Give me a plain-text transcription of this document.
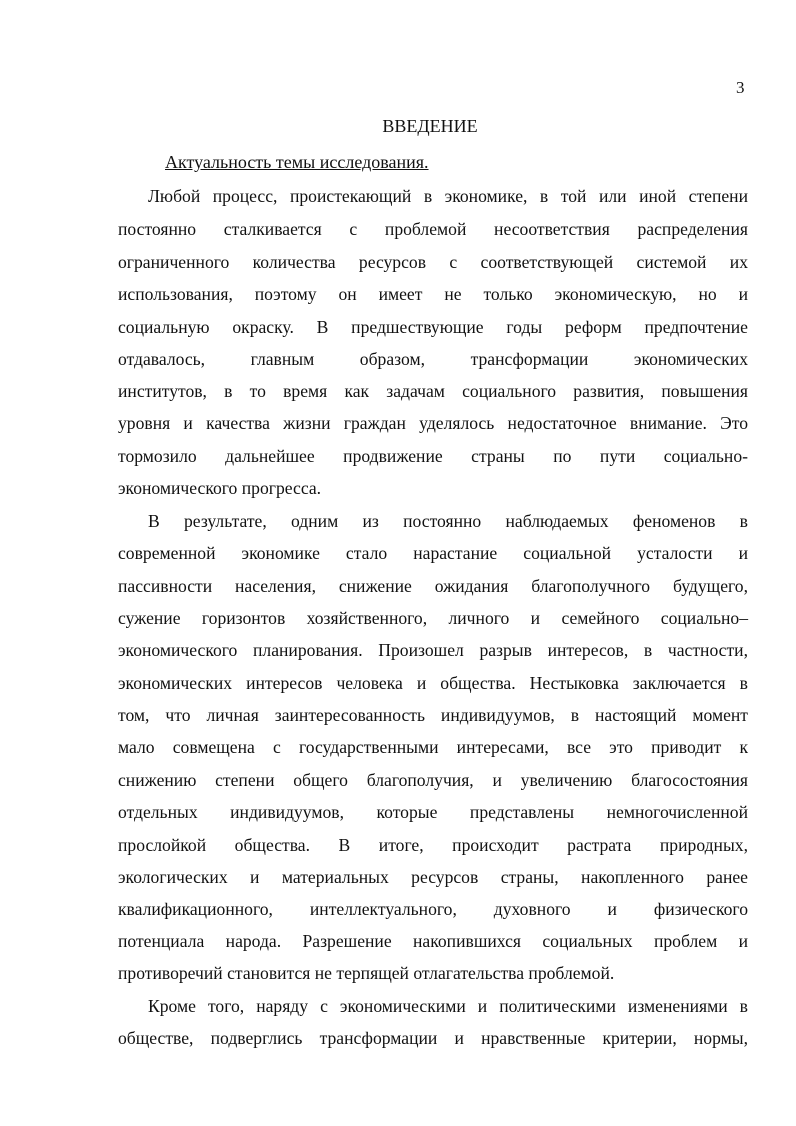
3
ВВЕДЕНИЕ
Актуальность темы исследования.
Любой процесс, проистекающий в экономике, в той или иной степени
постоянно сталкивается с проблемой несоответствия распределения
ограниченного количества ресурсов с соответствующей системой их
использования, поэтому он имеет не только экономическую, но и
социальную окраску. В предшествующие годы реформ предпочтение
отдавалось, главным образом, трансформации экономических
институтов, в то время как задачам социального развития, повышения
уровня и качества жизни граждан уделялось недостаточное внимание. Это
тормозило дальнейшее продвижение страны по пути социально-
экономического прогресса.
В результате, одним из постоянно наблюдаемых феноменов в
современной экономике стало нарастание социальной усталости и
пассивности населения, снижение ожидания благополучного будущего,
сужение горизонтов хозяйственного, личного и семейного социально–
экономического планирования. Произошел разрыв интересов, в частности,
экономических интересов человека и общества. Нестыковка заключается в
том, что личная заинтересованность индивидуумов, в настоящий момент
мало совмещена с государственными интересами, все это приводит к
снижению степени общего благополучия, и увеличению благосостояния
отдельных индивидуумов, которые представлены немногочисленной
прослойкой общества. В итоге, происходит растрата природных,
экологических и материальных ресурсов страны, накопленного ранее
квалификационного, интеллектуального, духовного и физического
потенциала народа. Разрешение накопившихся социальных проблем и
противоречий становится не терпящей отлагательства проблемой.
Кроме того, наряду с экономическими и политическими изменениями в
обществе, подверглись трансформации и нравственные критерии, нормы,
